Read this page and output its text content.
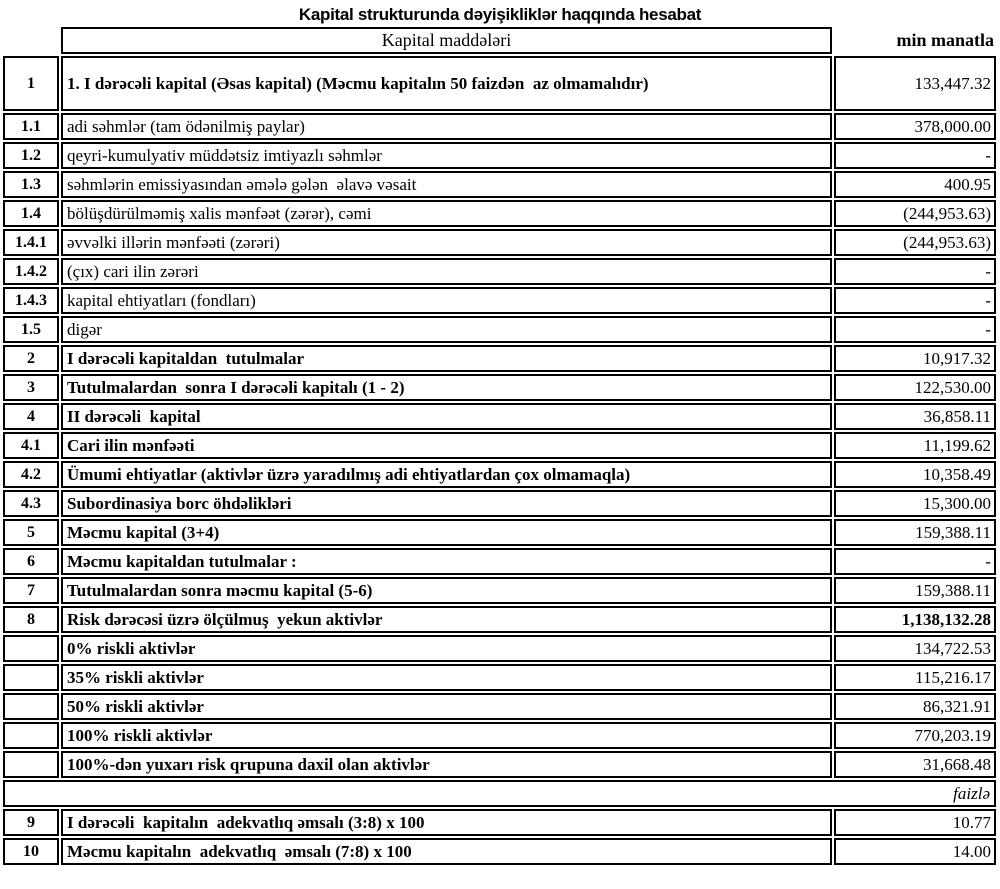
Kapital strukturunda dəyişikliklər haqqında hesabat
	Kapital maddələri	min manatla
1	1. I dərəcəli kapital (Əsas kapital) (Məcmu kapitalın 50 faizdən  az olmamalıdır)	133,447.32
1.1	adi səhmlər (tam ödənilmiş paylar)	378,000.00
1.2	qeyri-kumulyativ müddətsiz imtiyazlı səhmlər	-
1.3	səhmlərin emissiyasından əmələ gələn  əlavə vəsait	400.95
1.4	bölüşdürülməmiş xalis mənfəət (zərər), cəmi	(244,953.63)
1.4.1	əvvəlki illərin mənfəəti (zərəri)	(244,953.63)
1.4.2	(çıx) cari ilin zərəri	-
1.4.3	kapital ehtiyatları (fondları)	-
1.5	digər	-
2	I dərəcəli kapitaldan  tutulmalar	10,917.32
3	Tutulmalardan  sonra I dərəcəli kapitalı (1 - 2)	122,530.00
4	II dərəcəli  kapital	36,858.11
4.1	Cari ilin mənfəəti	11,199.62
4.2	Ümumi ehtiyatlar (aktivlər üzrə yaradılmış adi ehtiyatlardan çox olmamaqla)	10,358.49
4.3	Subordinasiya borc öhdəlikləri	15,300.00
5	Məcmu kapital (3+4)	159,388.11
6	Məcmu kapitaldan tutulmalar :	-
7	Tutulmalardan sonra məcmu kapital (5-6)	159,388.11
8	Risk dərəcəsi üzrə ölçülmuş  yekun aktivlər	1,138,132.28
	0% riskli aktivlər	134,722.53
	35% riskli aktivlər	115,216.17
	50% riskli aktivlər	86,321.91
	100% riskli aktivlər	770,203.19
	100%-dən yuxarı risk qrupuna daxil olan aktivlər	31,668.48
faizlə		
9	I dərəcəli  kapitalın  adekvatlıq əmsalı (3:8) x 100	10.77
10	Məcmu kapitalın  adekvatlıq  əmsalı (7:8) x 100	14.00
